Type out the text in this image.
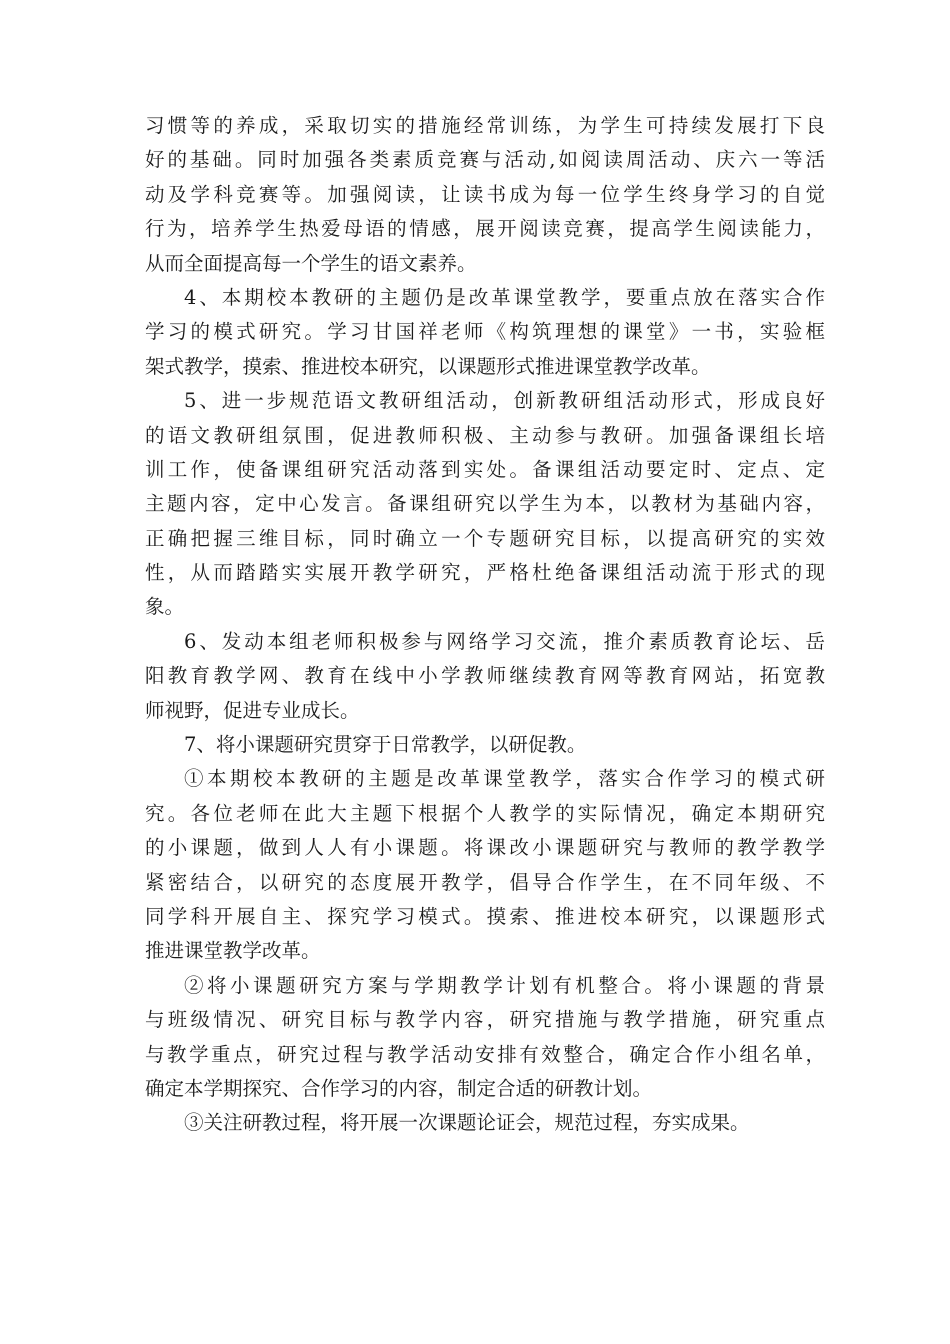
习惯等的养成，采取切实的措施经常训练，为学生可持续发展打下良
好的基础。同时加强各类素质竞赛与活动,如阅读周活动、庆六一等活
动及学科竞赛等。加强阅读，让读书成为每一位学生终身学习的自觉
行为，培养学生热爱母语的情感，展开阅读竞赛，提高学生阅读能力，
从而全面提高每一个学生的语文素养。
4、本期校本教研的主题仍是改革课堂教学，要重点放在落实合作
学习的模式研究。学习甘国祥老师《构筑理想的课堂》一书，实验框
架式教学，摸索、推进校本研究，以课题形式推进课堂教学改革。
5、进一步规范语文教研组活动，创新教研组活动形式，形成良好
的语文教研组氛围，促进教师积极、主动参与教研。加强备课组长培
训工作，使备课组研究活动落到实处。备课组活动要定时、定点、定
主题内容，定中心发言。备课组研究以学生为本，以教材为基础内容，
正确把握三维目标，同时确立一个专题研究目标，以提高研究的实效
性，从而踏踏实实展开教学研究，严格杜绝备课组活动流于形式的现
象。
6、发动本组老师积极参与网络学习交流，推介素质教育论坛、岳
阳教育教学网、教育在线中小学教师继续教育网等教育网站，拓宽教
师视野，促进专业成长。
7、将小课题研究贯穿于日常教学，以研促教。
①本期校本教研的主题是改革课堂教学，落实合作学习的模式研
究。各位老师在此大主题下根据个人教学的实际情况，确定本期研究
的小课题，做到人人有小课题。将课改小课题研究与教师的教学教学
紧密结合，以研究的态度展开教学，倡导合作学生，在不同年级、不
同学科开展自主、探究学习模式。摸索、推进校本研究，以课题形式
推进课堂教学改革。
②将小课题研究方案与学期教学计划有机整合。将小课题的背景
与班级情况、研究目标与教学内容，研究措施与教学措施，研究重点
与教学重点，研究过程与教学活动安排有效整合，确定合作小组名单，
确定本学期探究、合作学习的内容，制定合适的研教计划。
③关注研教过程，将开展一次课题论证会，规范过程，夯实成果。
